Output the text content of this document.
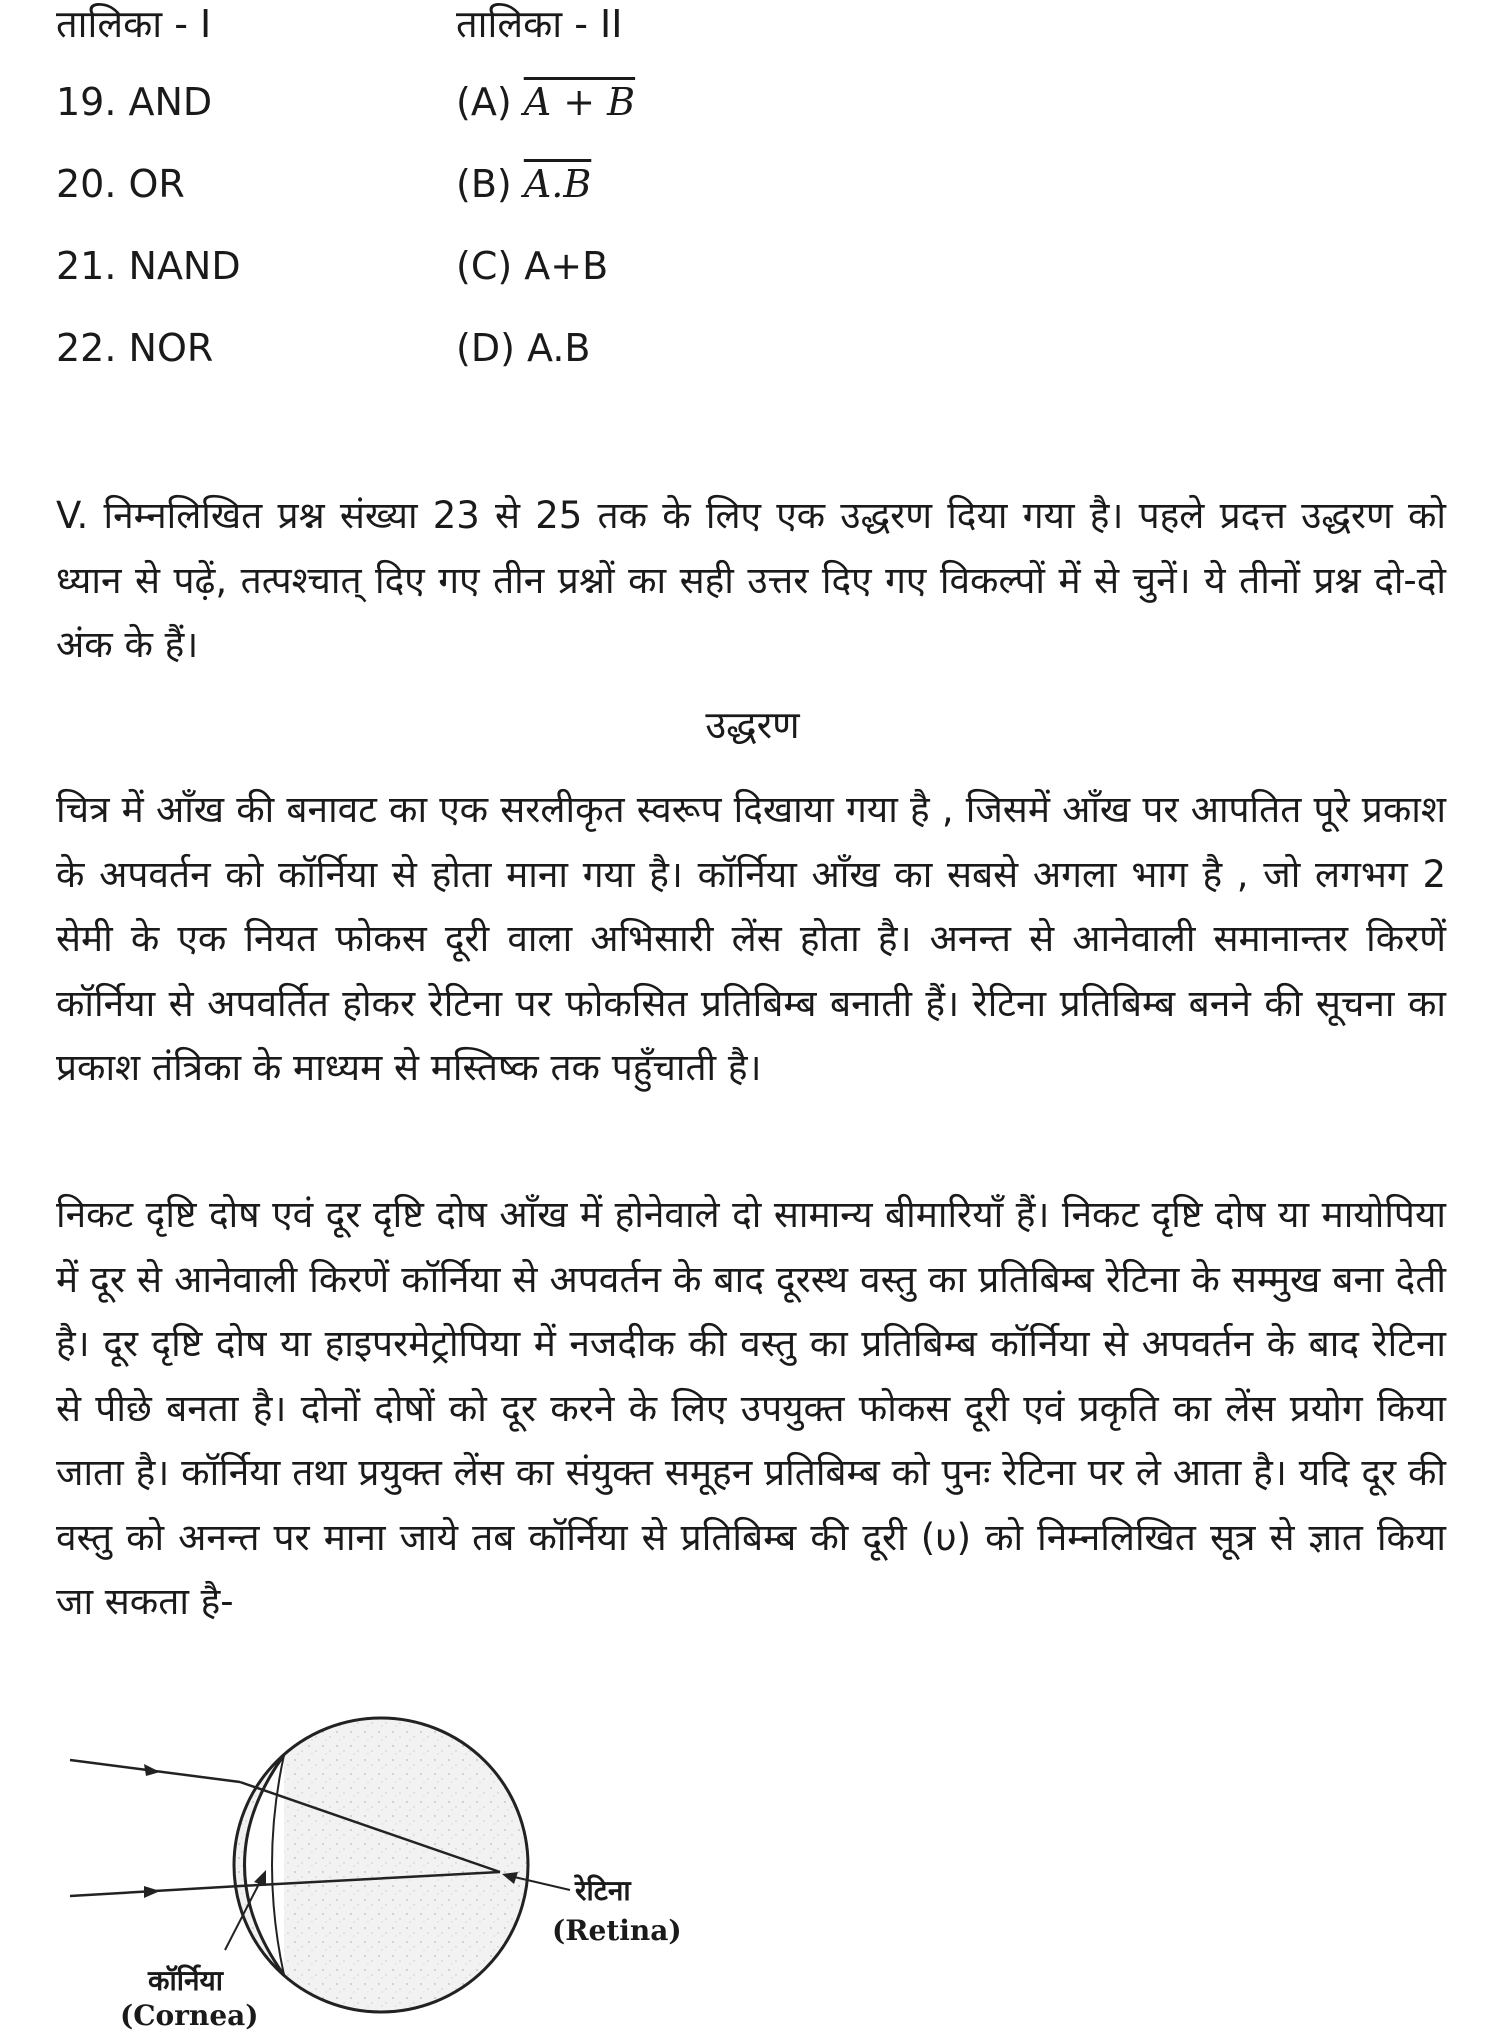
तालिका - I	तालिका - II
19. AND	(A) A + B
20. OR	(B) A.B
21. NAND	(C) A+B
22. NOR	(D) A.B
V. निम्नलिखित प्रश्न संख्या 23 से 25 तक के लिए एक उद्धरण दिया गया है। पहले प्रदत्त उद्धरण को ध्यान से पढ़ें, तत्पश्चात् दिए गए तीन प्रश्नों का सही उत्तर दिए गए विकल्पों में से चुनें। ये तीनों प्रश्न दो-दो अंक के हैं।
उद्धरण
चित्र में आँख की बनावट का एक सरलीकृत स्वरूप दिखाया गया है , जिसमें आँख पर आपतित पूरे प्रकाश के अपवर्तन को कॉर्निया से होता माना गया है। कॉर्निया आँख का सबसे अगला भाग है , जो लगभग 2 सेमी के एक नियत फोकस दूरी वाला अभिसारी लेंस होता है। अनन्त से आनेवाली समानान्तर किरणें कॉर्निया से अपवर्तित होकर रेटिना पर फोकसित प्रतिबिम्ब बनाती हैं। रेटिना प्रतिबिम्ब बनने की सूचना का प्रकाश तंत्रिका के माध्यम से मस्तिष्क तक पहुँचाती है।
निकट दृष्टि दोष एवं दूर दृष्टि दोष आँख में होनेवाले दो सामान्य बीमारियाँ हैं। निकट दृष्टि दोष या मायोपिया में दूर से आनेवाली किरणें कॉर्निया से अपवर्तन के बाद दूरस्थ वस्तु का प्रतिबिम्ब रेटिना के सम्मुख बना देती है। दूर दृष्टि दोष या हाइपरमेट्रोपिया में नजदीक की वस्तु का प्रतिबिम्ब कॉर्निया से अपवर्तन के बाद रेटिना से पीछे बनता है। दोनों दोषों को दूर करने के लिए उपयुक्त फोकस दूरी एवं प्रकृति का लेंस प्रयोग किया जाता है। कॉर्निया तथा प्रयुक्त लेंस का संयुक्त समूहन प्रतिबिम्ब को पुनः रेटिना पर ले आता है। यदि दूर की वस्तु को अनन्त पर माना जाये तब कॉर्निया से प्रतिबिम्ब की दूरी (υ) को निम्नलिखित सूत्र से ज्ञात किया जा सकता है-
रेटिना
(Retina)
कॉर्निया
(Cornea)
